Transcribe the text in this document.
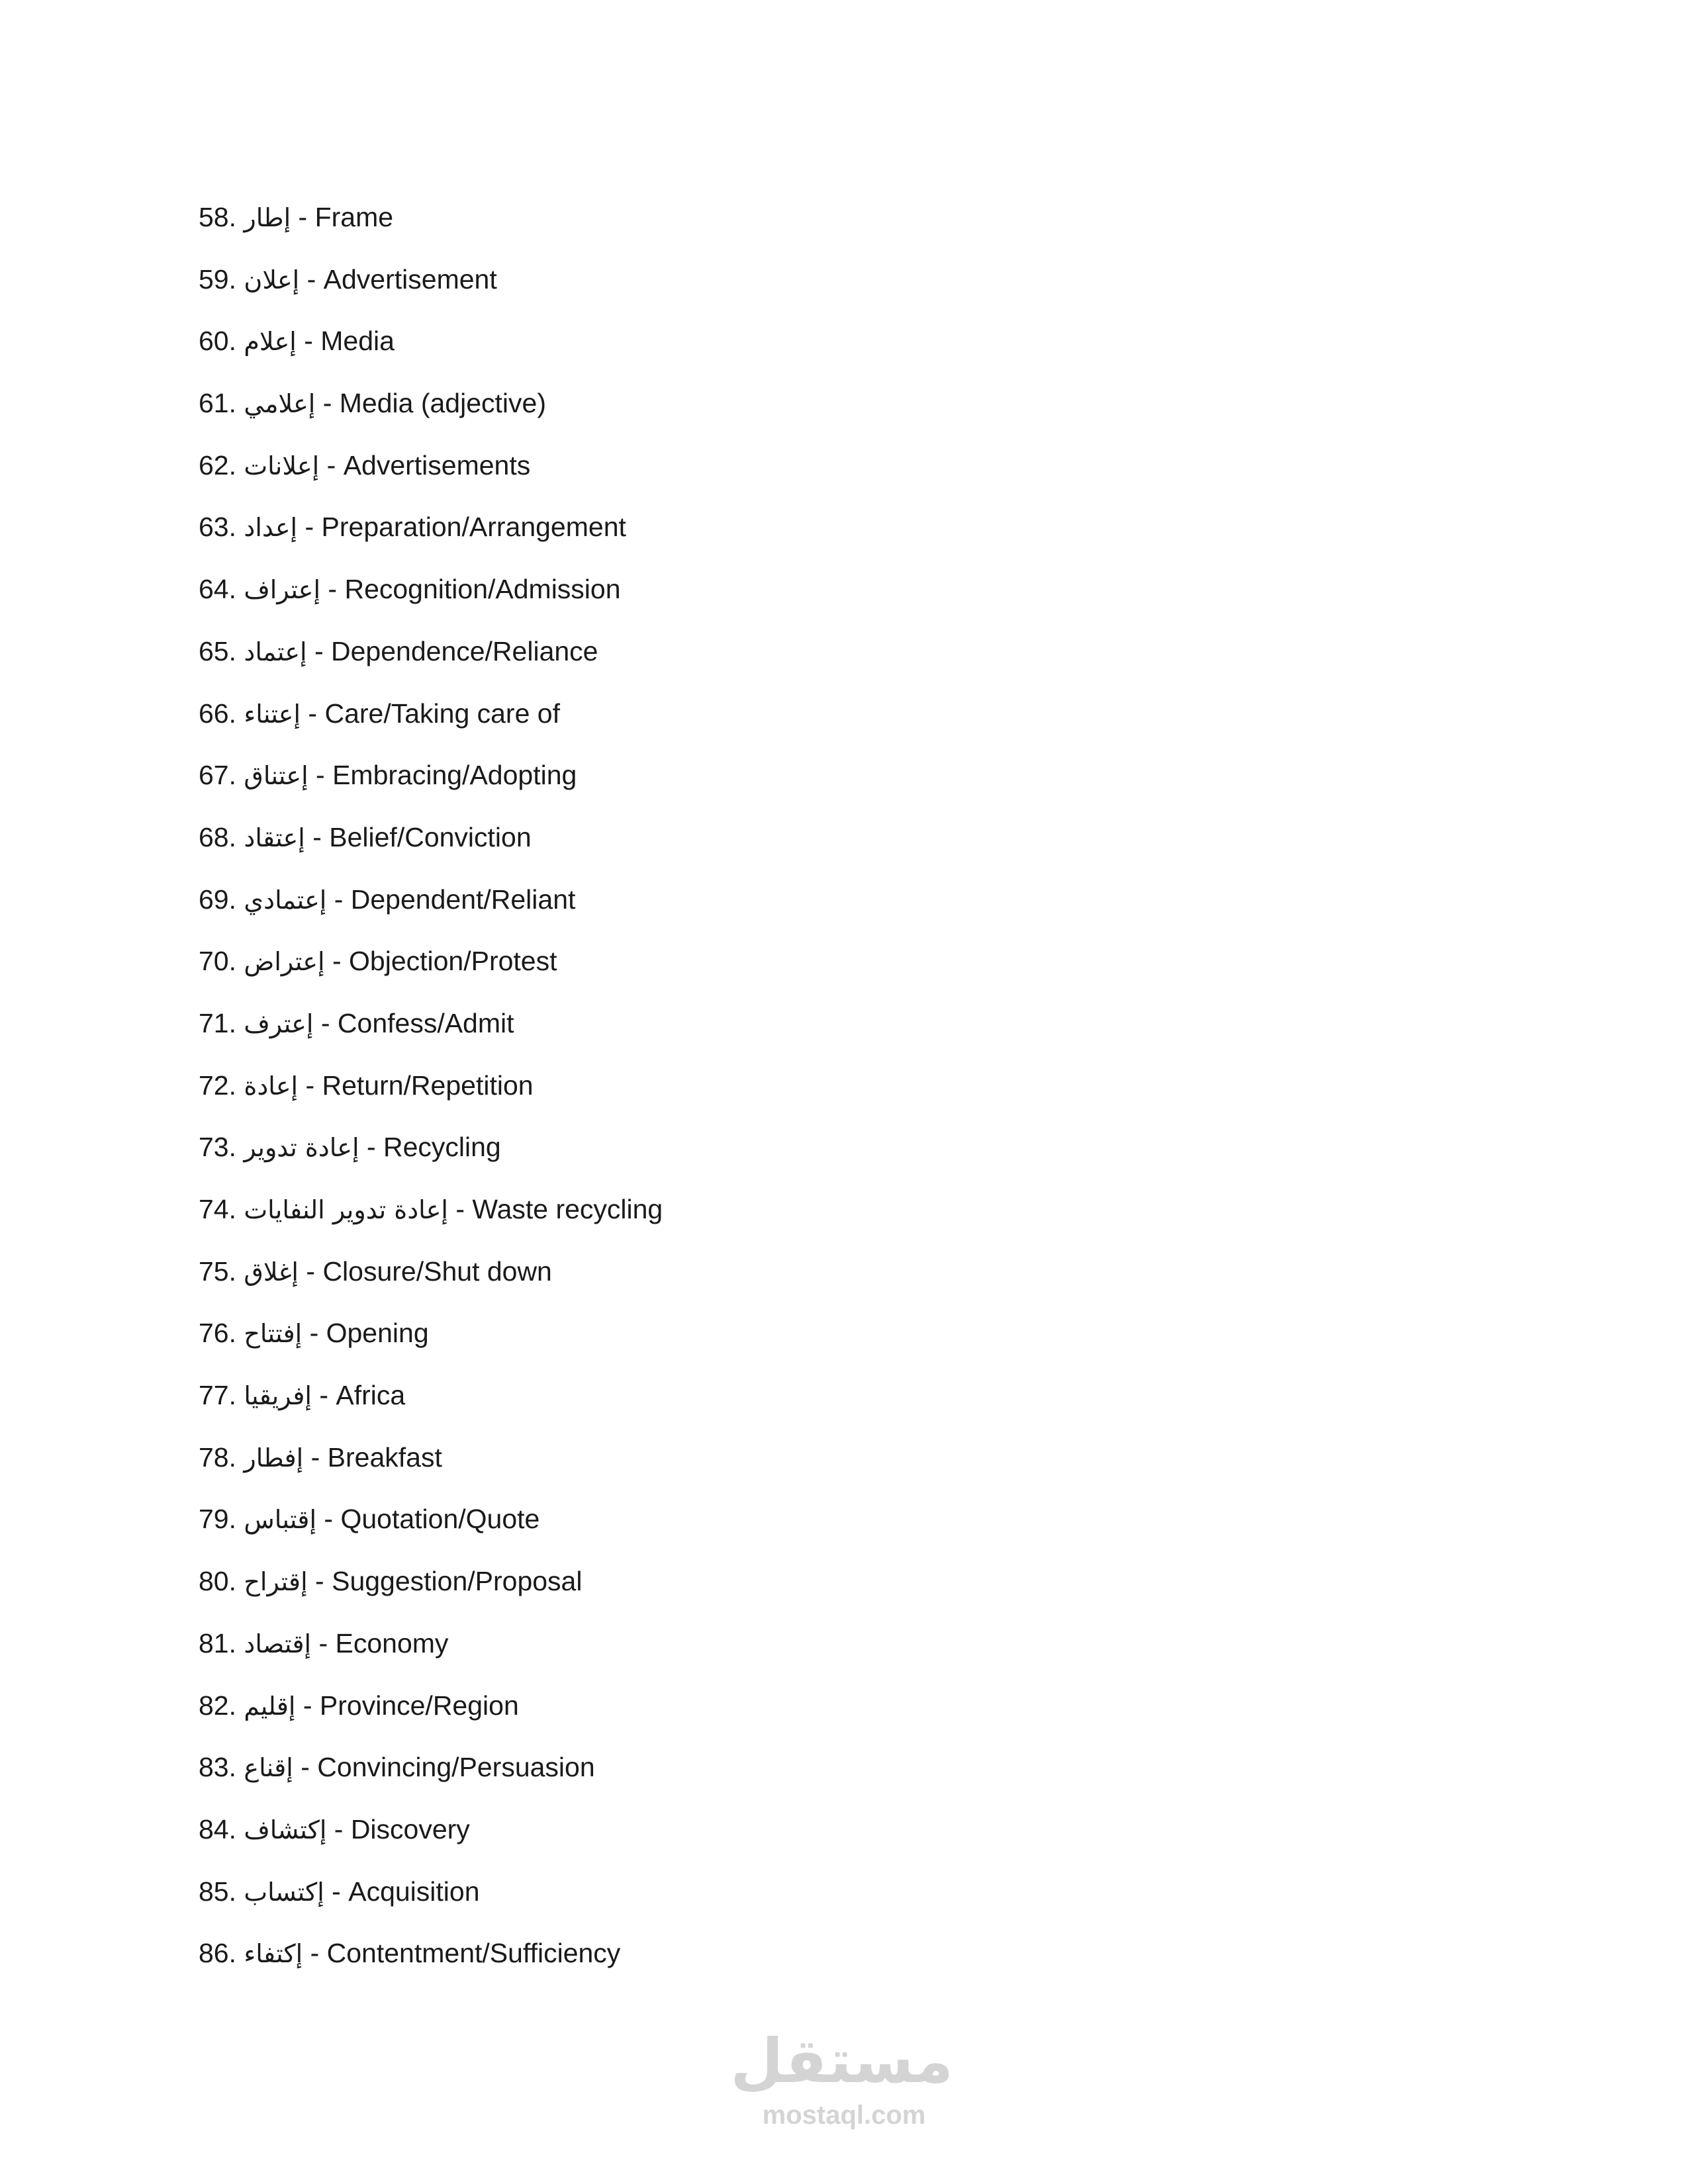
58. إطار - Frame
59. إعلان - Advertisement
60. إعلام - Media
61. إعلامي - Media (adjective)
62. إعلانات - Advertisements
63. إعداد - Preparation/Arrangement
64. إعتراف - Recognition/Admission
65. إعتماد - Dependence/Reliance
66. إعتناء - Care/Taking care of
67. إعتناق - Embracing/Adopting
68. إعتقاد - Belief/Conviction
69. إعتمادي - Dependent/Reliant
70. إعتراض - Objection/Protest
71. إعترف - Confess/Admit
72. إعادة - Return/Repetition
73. إعادة تدوير - Recycling
74. إعادة تدوير النفايات - Waste recycling
75. إغلاق - Closure/Shut down
76. إفتتاح - Opening
77. إفريقيا - Africa
78. إفطار - Breakfast
79. إقتباس - Quotation/Quote
80. إقتراح - Suggestion/Proposal
81. إقتصاد - Economy
82. إقليم - Province/Region
83. إقناع - Convincing/Persuasion
84. إكتشاف - Discovery
85. إكتساب - Acquisition
86. إكتفاء - Contentment/Sufficiency
مستقل
mostaql.com
